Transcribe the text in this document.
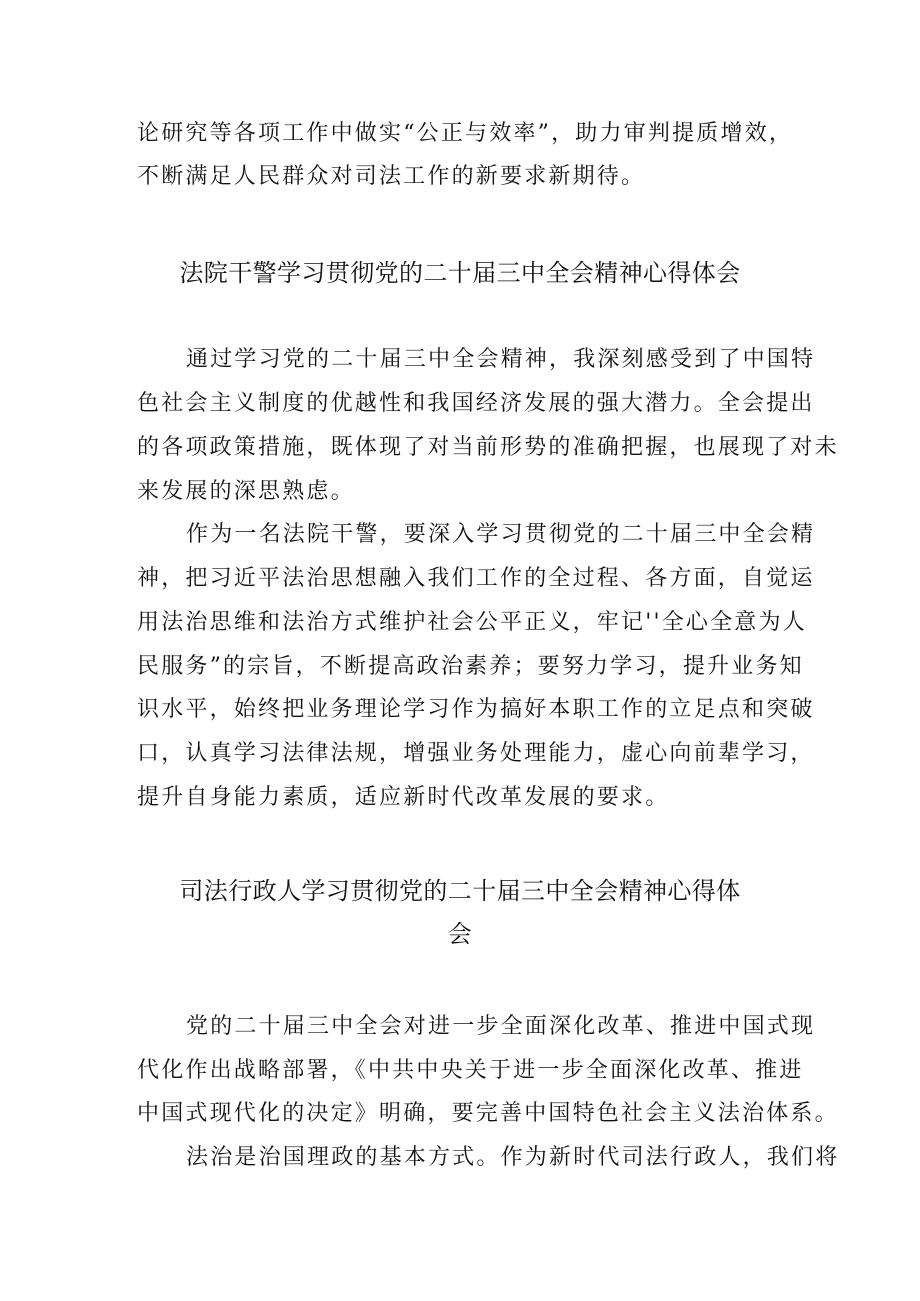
论研究等各项工作中做实“公正与效率”，助力审判提质增效，
不断满足人民群众对司法工作的新要求新期待。
法院干警学习贯彻党的二十届三中全会精神心得体会
通过学习党的二十届三中全会精神，我深刻感受到了中国特
色社会主义制度的优越性和我国经济发展的强大潜力。全会提出
的各项政策措施，既体现了对当前形势的准确把握，也展现了对未
来发展的深思熟虑。
作为一名法院干警，要深入学习贯彻党的二十届三中全会精
神，把习近平法治思想融入我们工作的全过程、各方面，自觉运
用法治思维和法治方式维护社会公平正义，牢记''全心全意为人
民服务”的宗旨，不断提高政治素养；要努力学习，提升业务知
识水平，始终把业务理论学习作为搞好本职工作的立足点和突破
口，认真学习法律法规，增强业务处理能力，虚心向前辈学习，
提升自身能力素质，适应新时代改革发展的要求。
司法行政人学习贯彻党的二十届三中全会精神心得体
会
党的二十届三中全会对进一步全面深化改革、推进中国式现
代化作出战略部署，《中共中央关于进一步全面深化改革、推进
中国式现代化的决定》明确，要完善中国特色社会主义法治体系。
法治是治国理政的基本方式。作为新时代司法行政人，我们将
